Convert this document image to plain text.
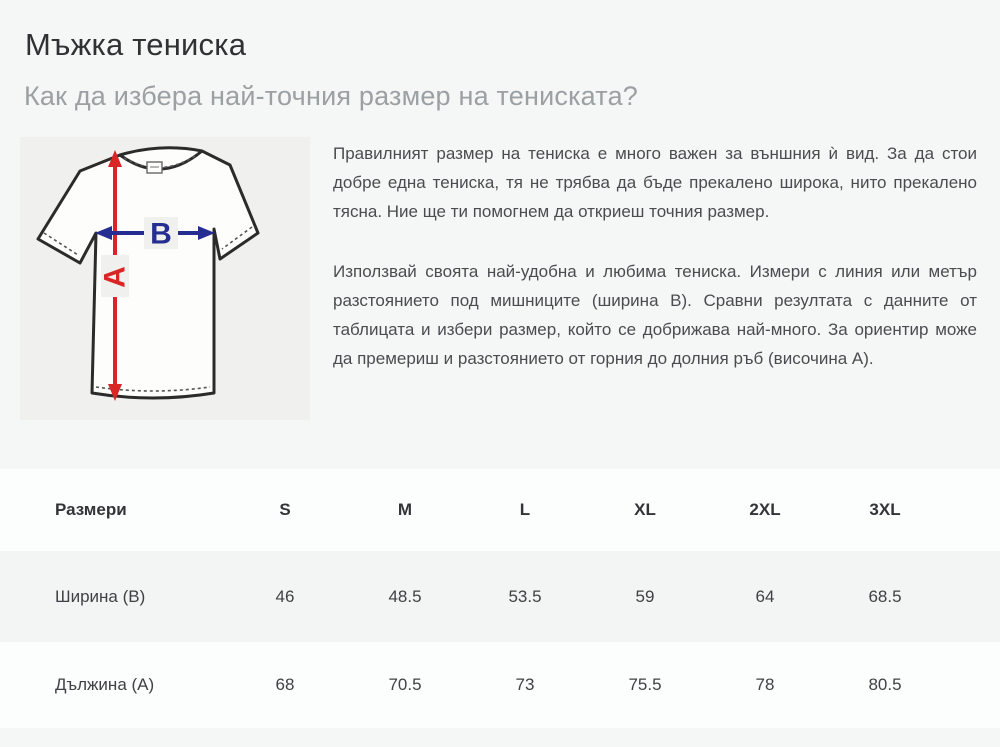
Мъжка тениска
Как да избера най-точния размер на тениската?
A
B

Правилният размер на тениска е много важен за външния ѝ вид. За да стои добре една тениска, тя не трябва да бъде прекалено широка, нито прекалено тясна. Ние ще ти помогнем да откриеш точния размер.

Използвай своята най-удобна и любима тениска. Измери с линия или метър разстоянието под мишниците (ширина B). Сравни резултата с данните от таблицата и избери размер, който се добрижава най-много. За ориентир може да премериш и разстоянието от горния до долния ръб (височина A).

Размери	S	M	L	XL	2XL	3XL
Ширина (B)	46	48.5	53.5	59	64	68.5
Дължина (A)	68	70.5	73	75.5	78	80.5
